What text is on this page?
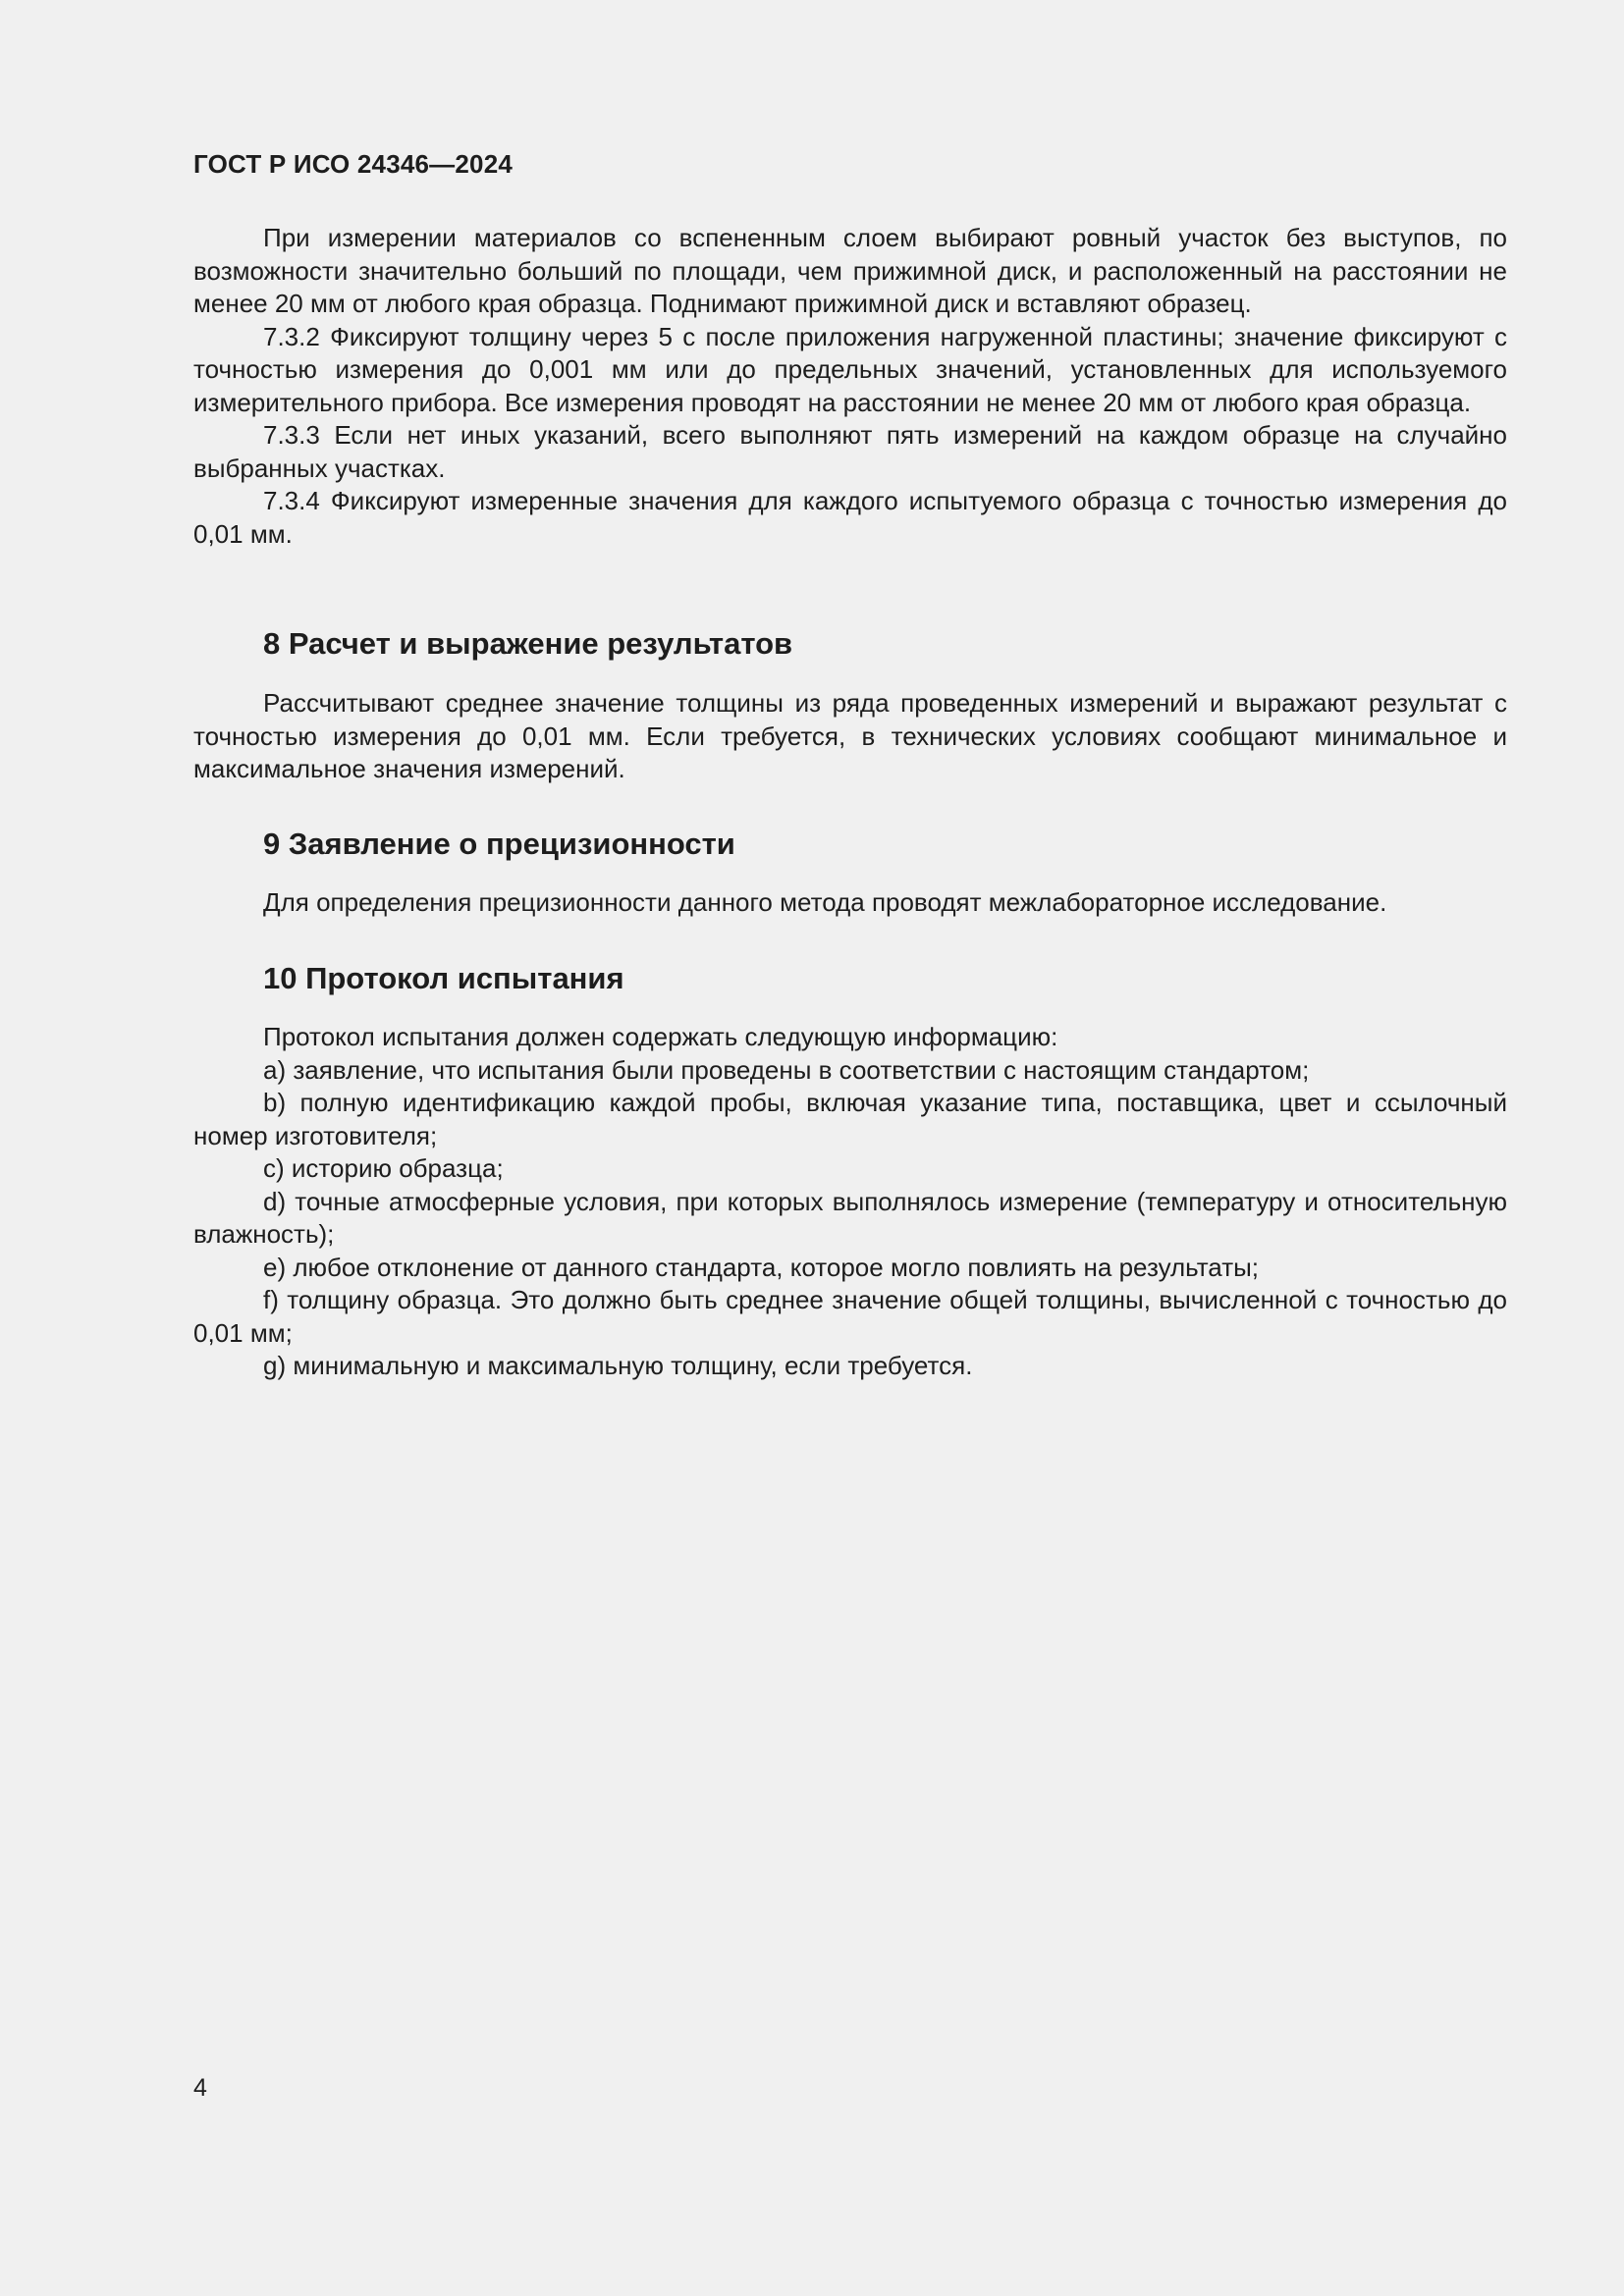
ГОСТ Р ИСО 24346—2024

При измерении материалов со вспененным слоем выбирают ровный участок без выступов, по возможности значительно больший по площади, чем прижимной диск, и расположенный на расстоянии не менее 20 мм от любого края образца. Поднимают прижимной диск и вставляют образец.

7.3.2 Фиксируют толщину через 5 с после приложения нагруженной пластины; значение фиксируют с точностью измерения до 0,001 мм или до предельных значений, установленных для используемого измерительного прибора. Все измерения проводят на расстоянии не менее 20 мм от любого края образца.

7.3.3 Если нет иных указаний, всего выполняют пять измерений на каждом образце на случайно выбранных участках.

7.3.4 Фиксируют измеренные значения для каждого испытуемого образца с точностью измерения до 0,01 мм.

8 Расчет и выражение результатов

Рассчитывают среднее значение толщины из ряда проведенных измерений и выражают результат с точностью измерения до 0,01 мм. Если требуется, в технических условиях сообщают минимальное и максимальное значения измерений.

9 Заявление о прецизионности

Для определения прецизионности данного метода проводят межлабораторное исследование.

10 Протокол испытания

Протокол испытания должен содержать следующую информацию:

a) заявление, что испытания были проведены в соответствии с настоящим стандартом;

b) полную идентификацию каждой пробы, включая указание типа, поставщика, цвет и ссылочный номер изготовителя;

c) историю образца;

d) точные атмосферные условия, при которых выполнялось измерение (температуру и относительную влажность);

e) любое отклонение от данного стандарта, которое могло повлиять на результаты;

f) толщину образца. Это должно быть среднее значение общей толщины, вычисленной с точностью до 0,01 мм;

g) минимальную и максимальную толщину, если требуется.

4
